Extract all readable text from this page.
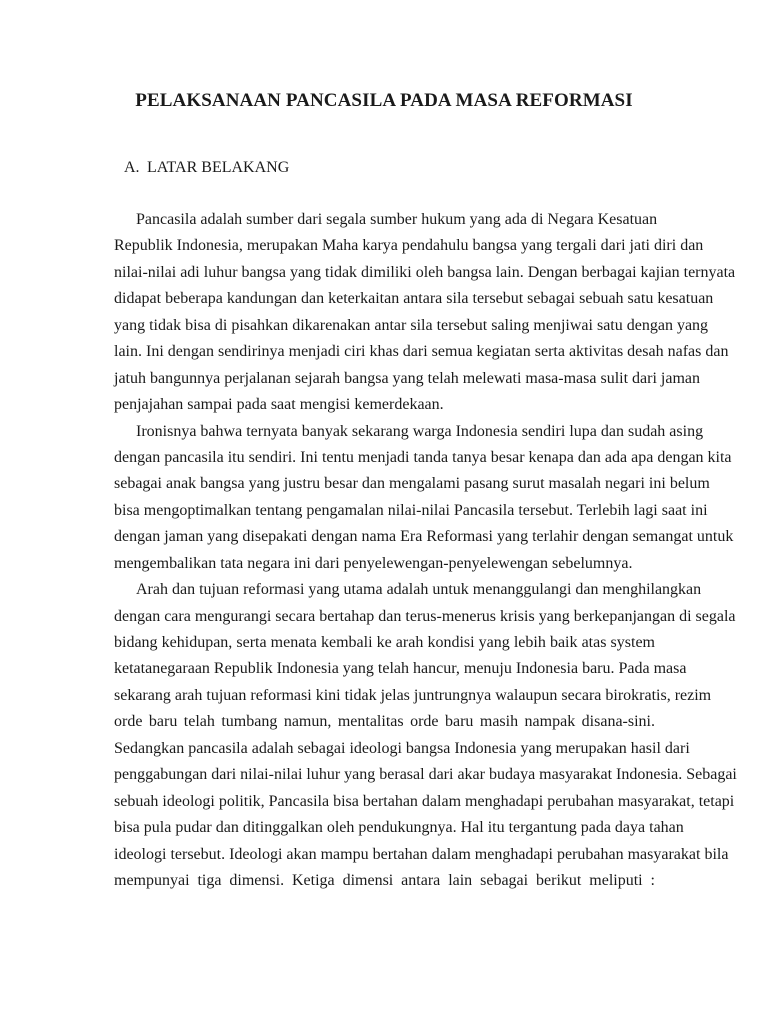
PELAKSANAAN PANCASILA PADA MASA REFORMASI
A. LATAR BELAKANG
Pancasila adalah sumber dari segala sumber hukum yang ada di Negara Kesatuan
Republik Indonesia, merupakan Maha karya pendahulu bangsa yang tergali dari jati diri dan
nilai-nilai adi luhur bangsa yang tidak dimiliki oleh bangsa lain. Dengan berbagai kajian ternyata
didapat beberapa kandungan dan keterkaitan antara sila tersebut sebagai sebuah satu kesatuan
yang tidak bisa di pisahkan dikarenakan antar sila tersebut saling menjiwai satu dengan yang
lain. Ini dengan sendirinya menjadi ciri khas dari semua kegiatan serta aktivitas desah nafas dan
jatuh bangunnya perjalanan sejarah bangsa yang telah melewati masa-masa sulit dari jaman
penjajahan sampai pada saat mengisi kemerdekaan.
Ironisnya bahwa ternyata banyak sekarang warga Indonesia sendiri lupa dan sudah asing
dengan pancasila itu sendiri. Ini tentu menjadi tanda tanya besar kenapa dan ada apa dengan kita
sebagai anak bangsa yang justru besar dan mengalami pasang surut masalah negari ini belum
bisa mengoptimalkan tentang pengamalan nilai-nilai Pancasila tersebut. Terlebih lagi saat ini
dengan jaman yang disepakati dengan nama Era Reformasi yang terlahir dengan semangat untuk
mengembalikan tata negara ini dari penyelewengan-penyelewengan sebelumnya.
Arah dan tujuan reformasi yang utama adalah untuk menanggulangi dan menghilangkan
dengan cara mengurangi secara bertahap dan terus-menerus krisis yang berkepanjangan di segala
bidang kehidupan, serta menata kembali ke arah kondisi yang lebih baik atas system
ketatanegaraan Republik Indonesia yang telah hancur, menuju Indonesia baru. Pada masa
sekarang arah tujuan reformasi kini tidak jelas juntrungnya walaupun secara birokratis, rezim
orde baru telah tumbang namun, mentalitas orde baru masih nampak disana-sini.
Sedangkan pancasila adalah sebagai ideologi bangsa Indonesia yang merupakan hasil dari
penggabungan dari nilai-nilai luhur yang berasal dari akar budaya masyarakat Indonesia. Sebagai
sebuah ideologi politik, Pancasila bisa bertahan dalam menghadapi perubahan masyarakat, tetapi
bisa pula pudar dan ditinggalkan oleh pendukungnya. Hal itu tergantung pada daya tahan
ideologi tersebut. Ideologi akan mampu bertahan dalam menghadapi perubahan masyarakat bila
mempunyai tiga dimensi. Ketiga dimensi antara lain sebagai berikut meliputi :
